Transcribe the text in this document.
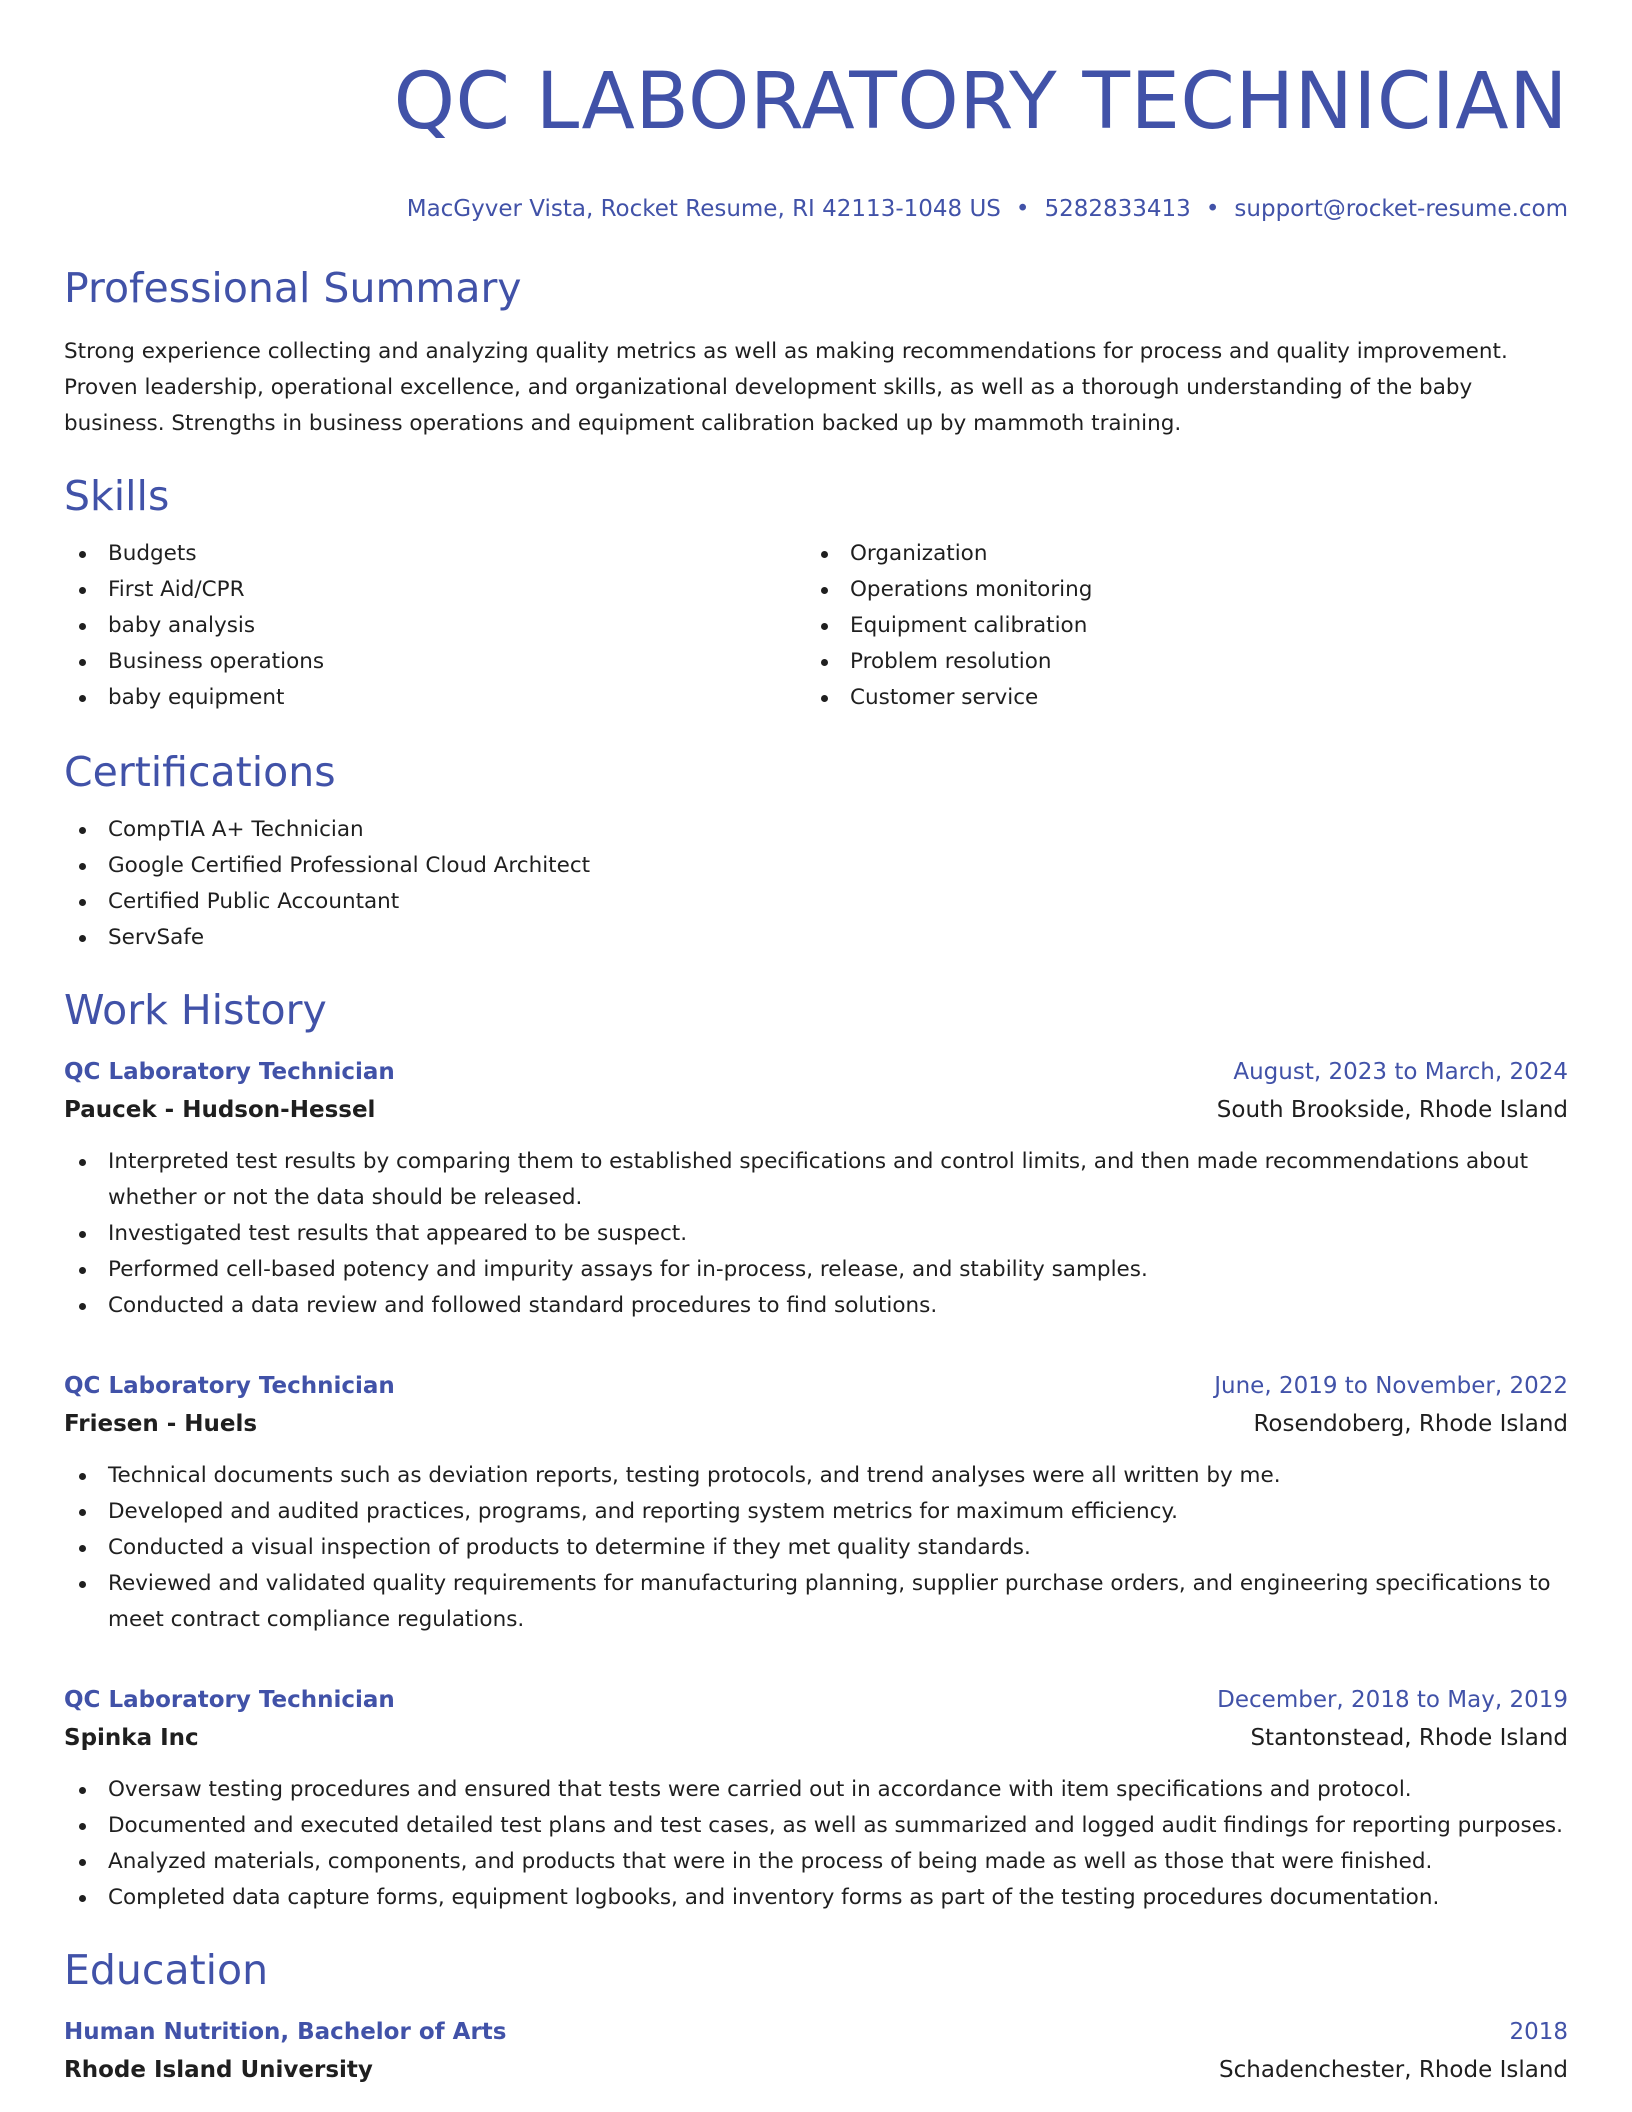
QC LABORATORY TECHNICIAN
MacGyver Vista, Rocket Resume, RI 42113-1048 US • 5282833413 • support@rocket-resume.com
Professional Summary

Strong experience collecting and analyzing quality metrics as well as making recommendations for process and quality improvement. Proven leadership, operational excellence, and organizational development skills, as well as a thorough understanding of the baby business. Strengths in business operations and equipment calibration backed up by mammoth training.

Skills
Budgets
First Aid/CPR
baby analysis
Business operations
baby equipment
Organization
Operations monitoring
Equipment calibration
Problem resolution
Customer service
Certifications
CompTIA A+ Technician
Google Certified Professional Cloud Architect
Certified Public Accountant
ServSafe
Work History
QC Laboratory Technician	August, 2023 to March, 2024
Paucek - Hudson-Hessel	South Brookside, Rhode Island
Interpreted test results by comparing them to established specifications and control limits, and then made recommendations about whether or not the data should be released.
Investigated test results that appeared to be suspect.
Performed cell-based potency and impurity assays for in-process, release, and stability samples.
Conducted a data review and followed standard procedures to find solutions.
QC Laboratory Technician	June, 2019 to November, 2022
Friesen - Huels	Rosendoberg, Rhode Island
Technical documents such as deviation reports, testing protocols, and trend analyses were all written by me.
Developed and audited practices, programs, and reporting system metrics for maximum efficiency.
Conducted a visual inspection of products to determine if they met quality standards.
Reviewed and validated quality requirements for manufacturing planning, supplier purchase orders, and engineering specifications to meet contract compliance regulations.
QC Laboratory Technician	December, 2018 to May, 2019
Spinka Inc	Stantonstead, Rhode Island
Oversaw testing procedures and ensured that tests were carried out in accordance with item specifications and protocol.
Documented and executed detailed test plans and test cases, as well as summarized and logged audit findings for reporting purposes.
Analyzed materials, components, and products that were in the process of being made as well as those that were finished.
Completed data capture forms, equipment logbooks, and inventory forms as part of the testing procedures documentation.
Education
Human Nutrition, Bachelor of Arts	2018
Rhode Island University	Schadenchester, Rhode Island
